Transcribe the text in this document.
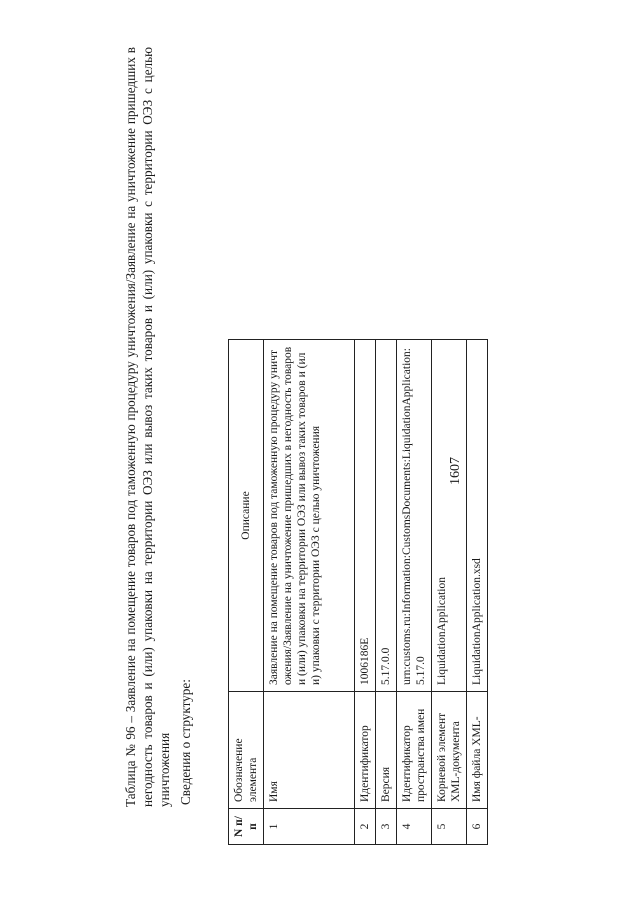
1607
Таблица № 96 – Заявление на помещение товаров под таможенную процедуру уничтожения/Заявление на уничтожение пришедших в негодность товаров и (или) упаковки на территории ОЭЗ или вывоз таких товаров и (или) упаковки с территории ОЭЗ с целью уничтожения Сведения о структуре:
N п/п	Обозначение элемента	Описание
1	Имя	Заявление на помещение товаров под таможенную процедуру уничтожения/Заявление на уничтожение пришедших в негодность товаров и (или) упаковки на территории ОЭЗ или вывоз таких товаров и (или) упаковки с территории ОЭЗ с целью уничтожения
2	Идентификатор	1006186E
3	Версия	5.17.0.0
4	Идентификатор пространства имен	urn:customs.ru:Information:CustomsDocuments:LiquidationApplication:5.17.0
5	Корневой элемент XML-документа	LiquidationApplication
6	Имя файла XML-	LiquidationApplication.xsd
